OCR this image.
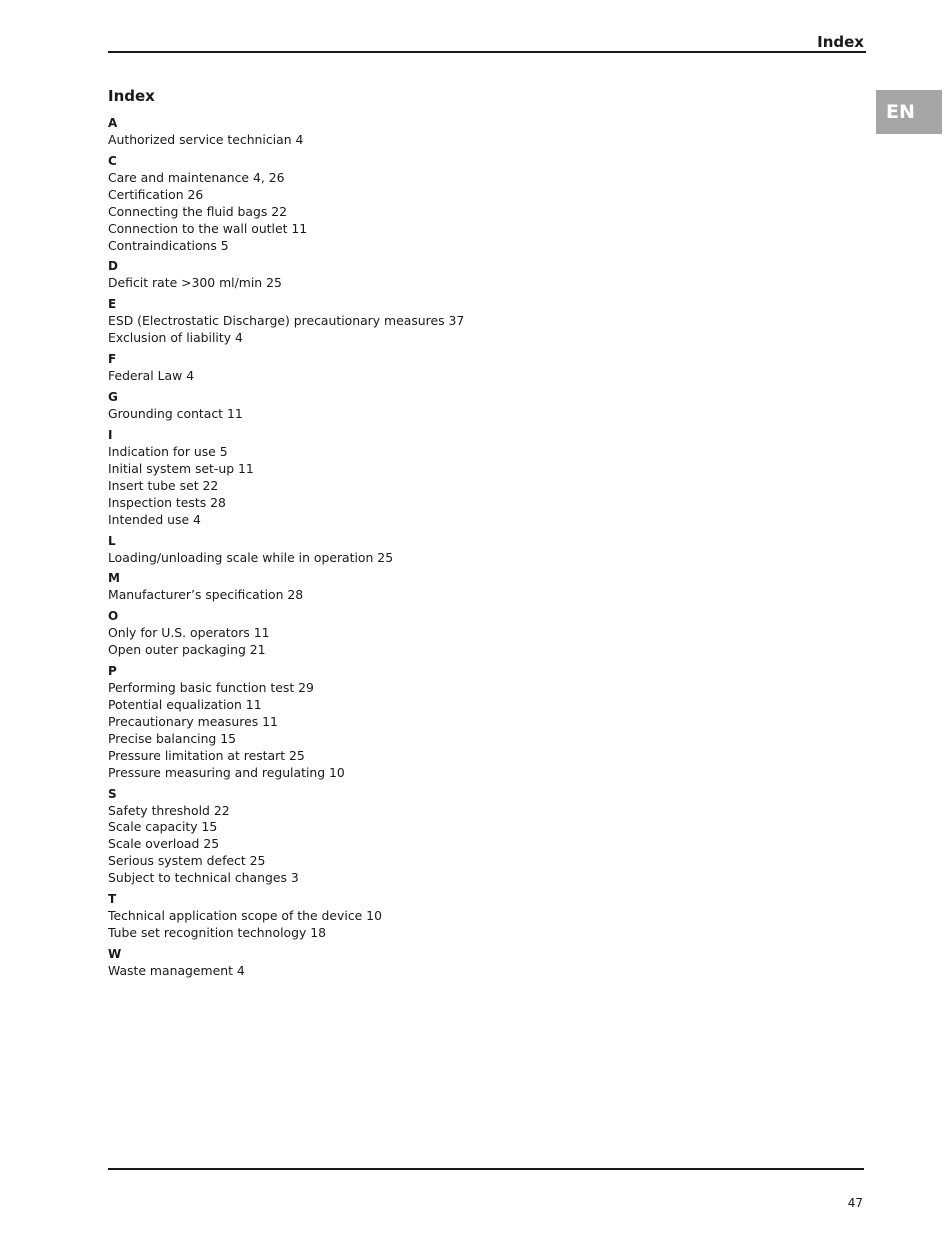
Index
EN
Index
A
Authorized service technician 4
C
Care and maintenance 4, 26
Certification 26
Connecting the fluid bags 22
Connection to the wall outlet 11
Contraindications 5
D
Deficit rate >300 ml/min 25
E
ESD (Electrostatic Discharge) precautionary measures 37
Exclusion of liability 4
F
Federal Law 4
G
Grounding contact 11
I
Indication for use 5
Initial system set-up 11
Insert tube set 22
Inspection tests 28
Intended use 4
L
Loading/unloading scale while in operation 25
M
Manufacturer’s specification 28
O
Only for U.S. operators 11
Open outer packaging 21
P
Performing basic function test 29
Potential equalization 11
Precautionary measures 11
Precise balancing 15
Pressure limitation at restart 25
Pressure measuring and regulating 10
S
Safety threshold 22
Scale capacity 15
Scale overload 25
Serious system defect 25
Subject to technical changes 3
T
Technical application scope of the device 10
Tube set recognition technology 18
W
Waste management 4
47
